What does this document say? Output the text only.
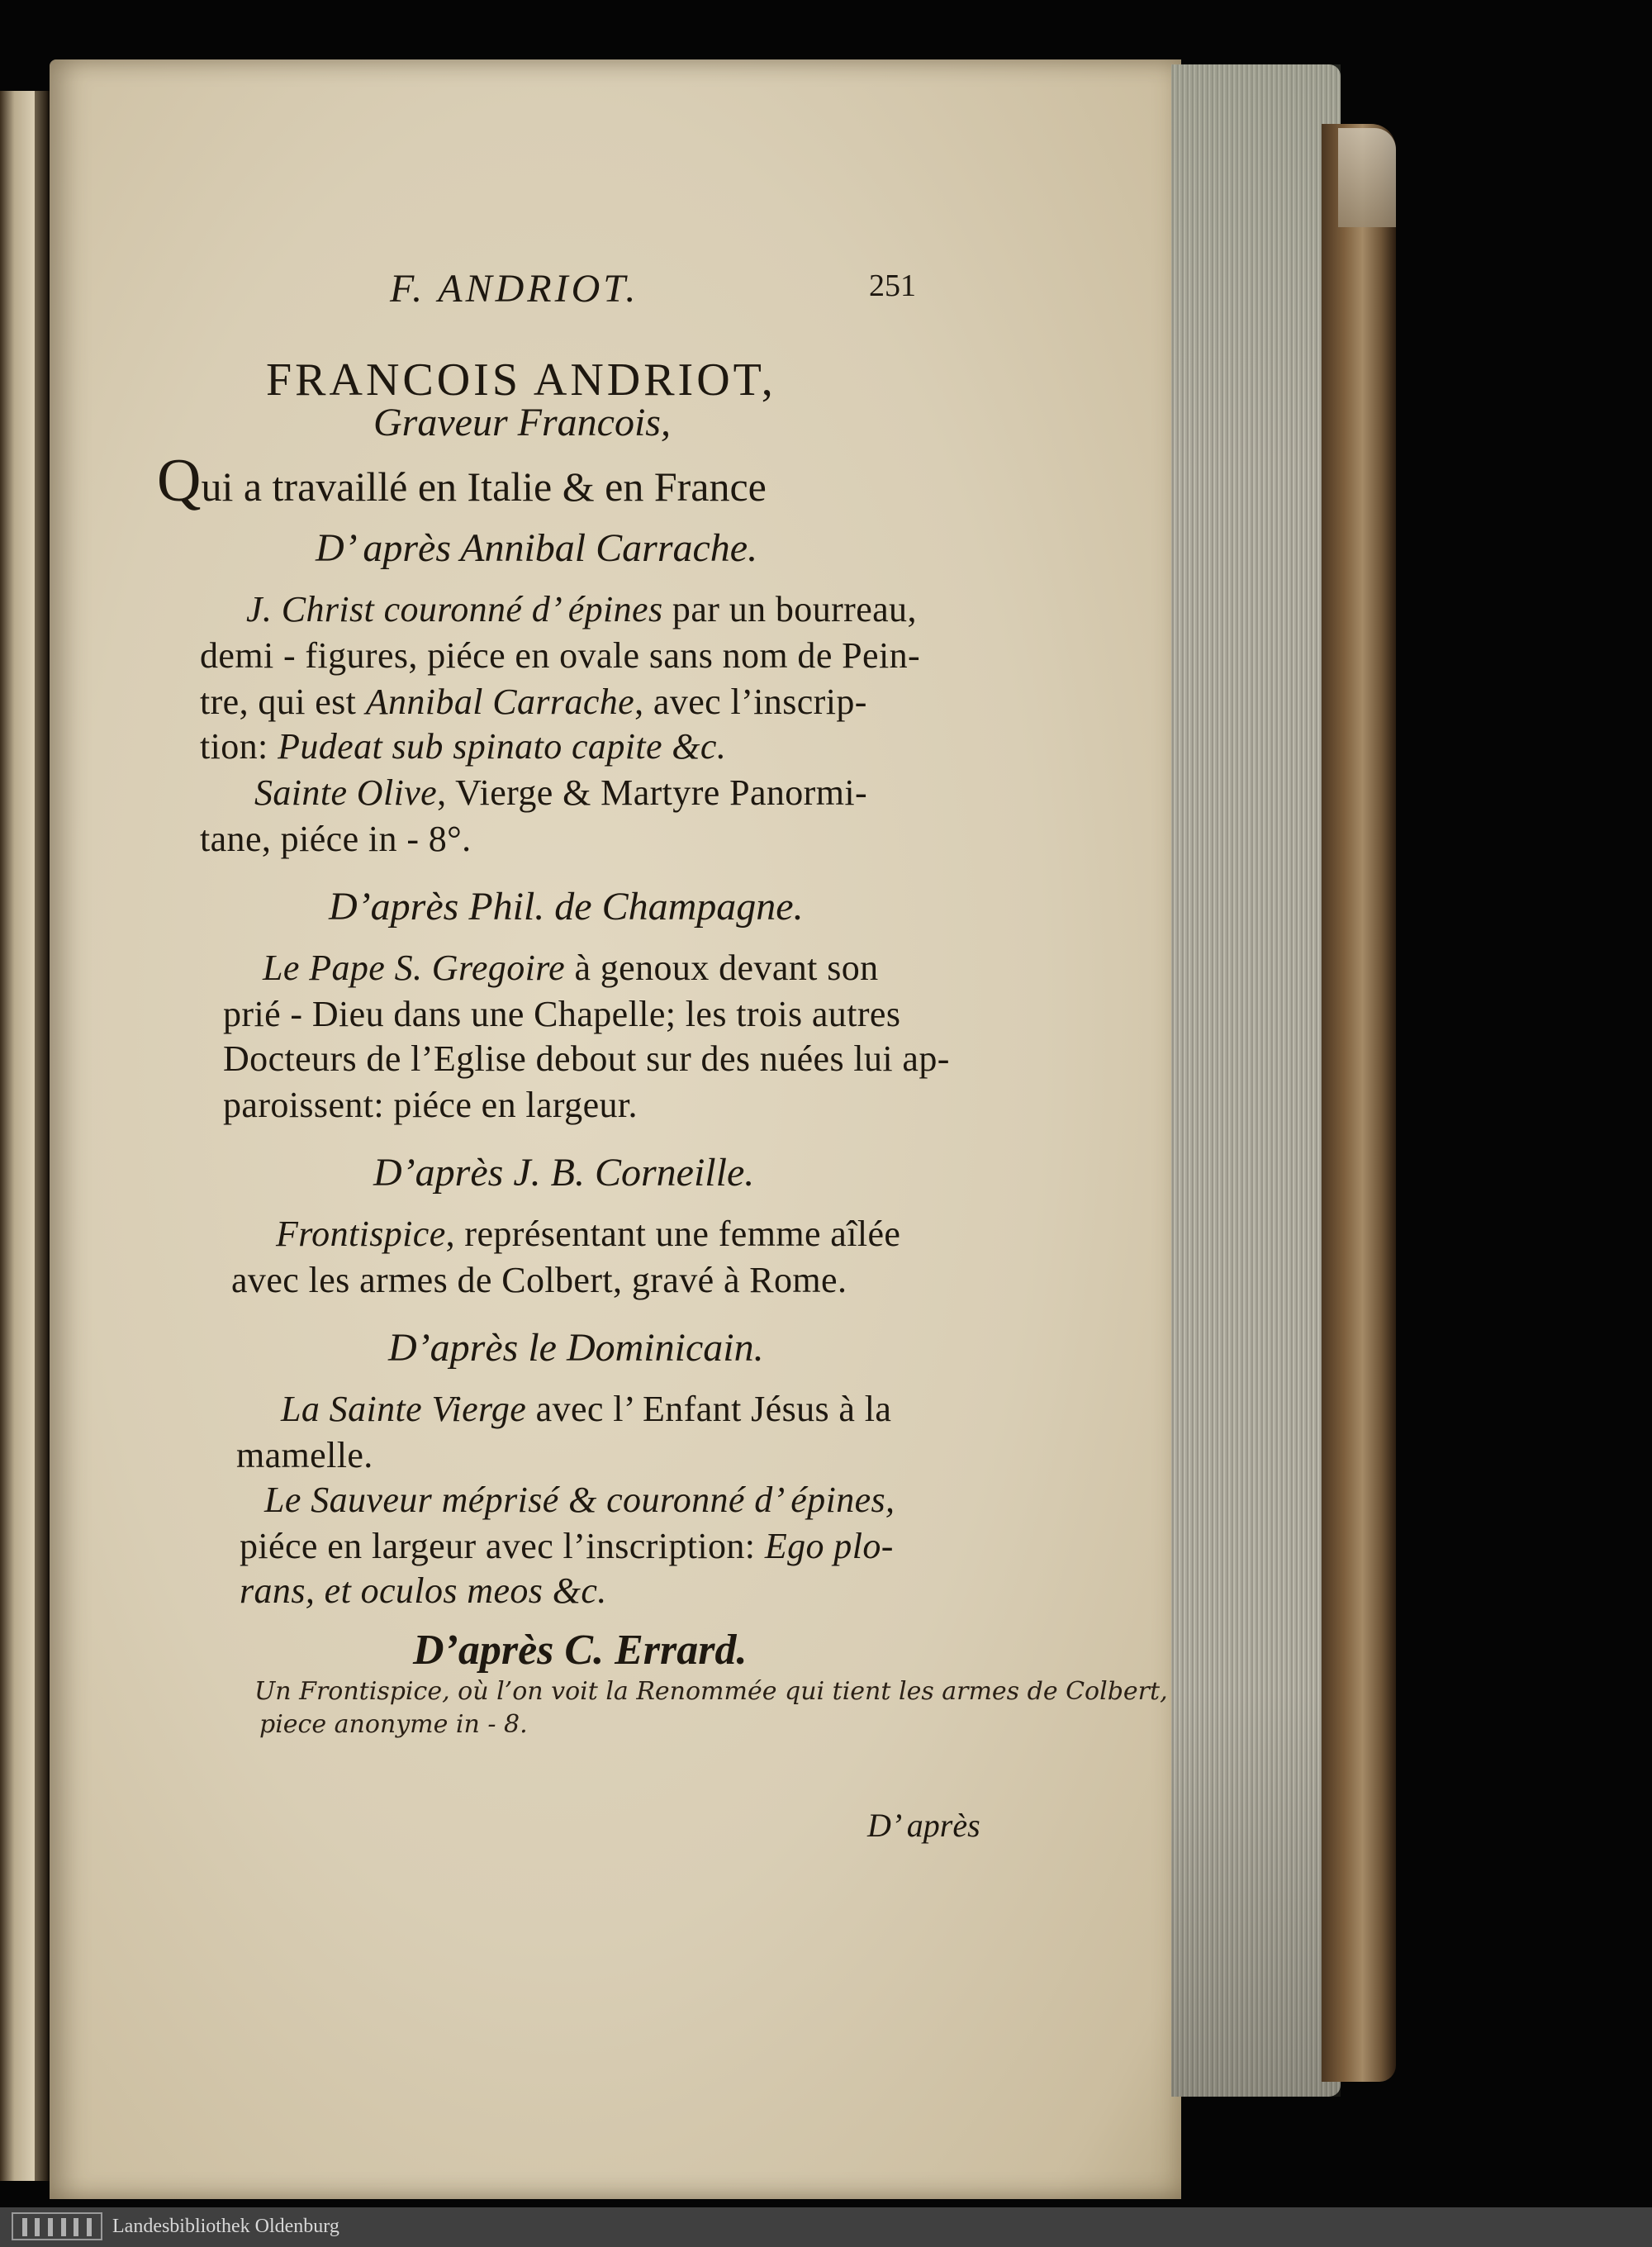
F. ANDRIOT.	251
FRANCOIS ANDRIOT,
Graveur Francois,
Qui a travaillé en Italie & en France
D’ après Annibal Carrache.
J. Christ couronné d’ épines par un bourreau,
demi - figures, piéce en ovale sans nom de Pein-
tre, qui est Annibal Carrache, avec l’inscrip-
tion: Pudeat sub spinato capite &c.
Sainte Olive, Vierge & Martyre Panormi-
tane, piéce in - 8°.
D’après Phil. de Champagne.
Le Pape S. Gregoire à genoux devant son
prié - Dieu dans une Chapelle; les trois autres
Docteurs de l’Eglise debout sur des nuées lui ap-
paroissent: piéce en largeur.
D’après J. B. Corneille.
Frontispice, représentant une femme aîlée
avec les armes de Colbert, gravé à Rome.
D’après le Dominicain.
La Sainte Vierge avec l’ Enfant Jésus à la
mamelle.
Le Sauveur méprisé & couronné d’ épines,
piéce en largeur avec l’inscription: Ego plo-
rans, et oculos meos &c.
D’après C. Errard.
Un Frontispice, où l’on voit la Renommée qui tient les armes de Colbert,
piece anonyme in - 8.
D’ après
Landesbibliothek Oldenburg
